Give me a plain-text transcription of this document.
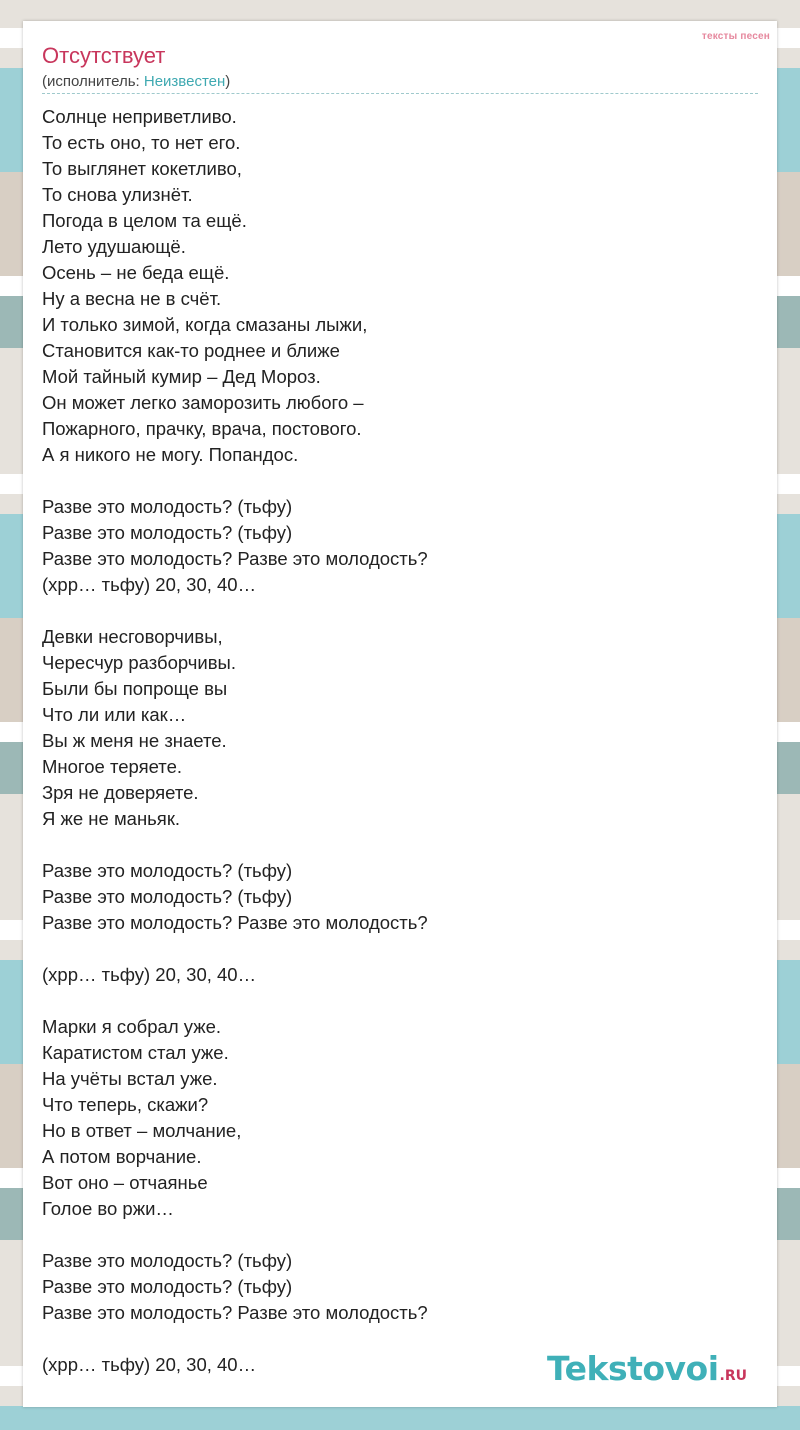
Отсутствует
(исполнитель: Неизвестен)
Солнце неприветливо.
То есть оно, то нет его.
То выглянет кокетливо,
То снова улизнёт.
Погода в целом та ещё.
Лето удушающё.
Осень – не беда ещё.
Ну а весна не в счёт.
И только зимой, когда смазаны лыжи,
Становится как-то роднее и ближе
Мой тайный кумир – Дед Мороз.
Он может легко заморозить любого –
Пожарного, прачку, врача, постового.
А я никого не могу. Попандос.
Разве это молодость? (тьфу)
Разве это молодость? (тьфу)
Разве это молодость? Разве это молодость?
(хрр… тьфу) 20, 30, 40…
Девки несговорчивы,
Чересчур разборчивы.
Были бы попроще вы
Что ли или как…
Вы ж меня не знаете.
Многое теряете.
Зря не доверяете.
Я же не маньяк.
Разве это молодость? (тьфу)
Разве это молодость? (тьфу)
Разве это молодость? Разве это молодость?
(хрр… тьфу) 20, 30, 40…
Марки я собрал уже.
Каратистом стал уже.
На учёты встал уже.
Что теперь, скажи?
Но в ответ – молчание,
А потом ворчание.
Вот оно – отчаянье
Голое во ржи…
Разве это молодость? (тьфу)
Разве это молодость? (тьфу)
Разве это молодость? Разве это молодость?
(хрр… тьфу) 20, 30, 40…	Tekstovoi.RU
тексты песен
